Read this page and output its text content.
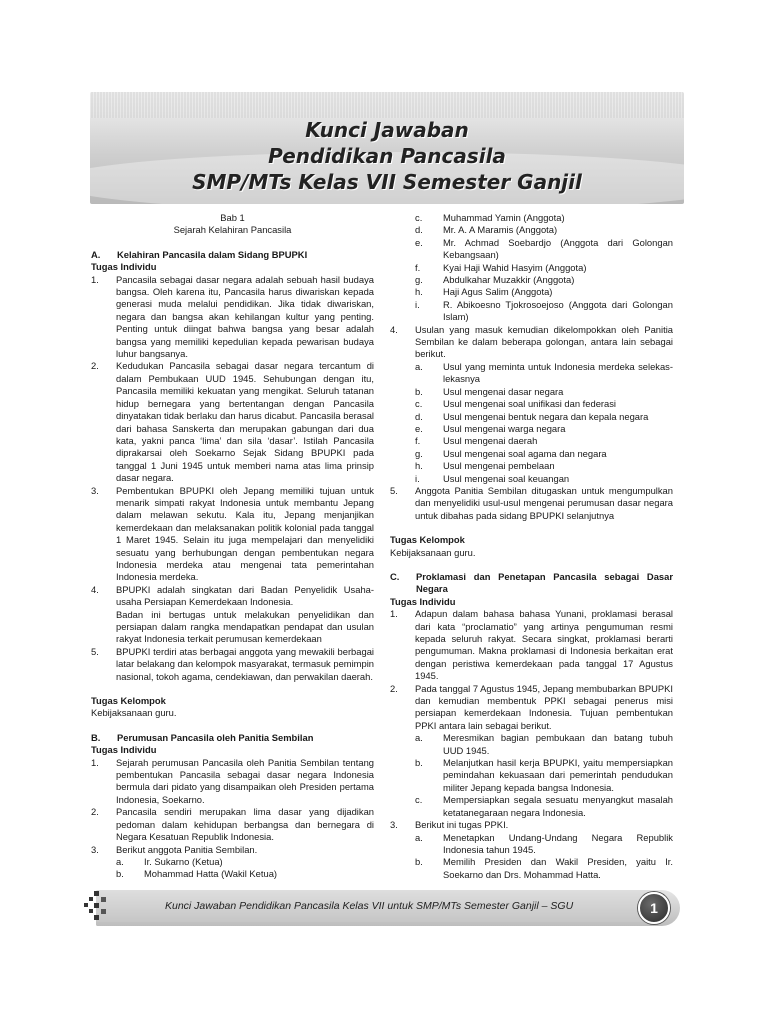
Kunci Jawaban
Pendidikan Pancasila
SMP/MTs Kelas VII Semester Ganjil
Bab 1
Sejarah Kelahiran Pancasila
A.	Kelahiran Pancasila dalam Sidang BPUPKI
Tugas Individu
1.	Pancasila sebagai dasar negara adalah sebuah hasil budaya bangsa. Oleh karena itu, Pancasila harus diwariskan kepada generasi muda melalui pendidikan. Jika tidak diwariskan, negara dan bangsa akan kehilangan kultur yang penting. Penting untuk diingat bahwa bangsa yang besar adalah bangsa yang memiliki kepedulian kepada pewarisan budaya luhur bangsanya.
2.	Kedudukan Pancasila sebagai dasar negara tercantum di dalam Pembukaan UUD 1945. Sehubungan dengan itu, Pancasila memiliki kekuatan yang mengikat. Seluruh tatanan hidup bernegara yang bertentangan dengan Pancasila dinyatakan tidak berlaku dan harus dicabut. Pancasila berasal dari bahasa Sanskerta dan merupakan gabungan dari dua kata, yakni panca ‘lima’ dan sila ‘dasar’. Istilah Pancasila diprakarsai oleh Soekarno Sejak Sidang BPUPKI pada tanggal 1 Juni 1945 untuk memberi nama atas lima prinsip dasar negara.
3.	Pembentukan BPUPKI oleh Jepang memiliki tujuan untuk menarik simpati rakyat Indonesia untuk membantu Jepang dalam melawan sekutu. Kala itu, Jepang menjanjikan kemerdekaan dan melaksanakan politik kolonial pada tanggal 1 Maret 1945. Selain itu juga mempelajari dan menyelidiki sesuatu yang berhubungan dengan pembentukan negara Indonesia merdeka atau mengenai tata pemerintahan Indonesia merdeka.
4.	BPUPKI adalah singkatan dari Badan Penyelidik Usaha-usaha Persiapan Kemerdekaan Indonesia.
Badan ini bertugas untuk melakukan penyelidikan dan persiapan dalam rangka mendapatkan pendapat dan usulan rakyat Indonesia terkait perumusan kemerdekaan
5.	BPUPKI terdiri atas berbagai anggota yang mewakili berbagai latar belakang dan kelompok masyarakat, termasuk pemimpin nasional, tokoh agama, cendekiawan, dan perwakilan daerah.
Tugas Kelompok
Kebijaksanaan guru.
B.	Perumusan Pancasila oleh Panitia Sembilan
Tugas Individu
1.	Sejarah perumusan Pancasila oleh Panitia Sembilan tentang pembentukan Pancasila sebagai dasar negara Indonesia bermula dari pidato yang disampaikan oleh Presiden pertama Indonesia, Soekarno.
2.	Pancasila sendiri merupakan lima dasar yang dijadikan pedoman dalam kehidupan berbangsa dan bernegara di Negara Kesatuan Republik Indonesia.
3.	Berikut anggota Panitia Sembilan.
a.	Ir. Sukarno (Ketua)
b.	Mohammad Hatta (Wakil Ketua)
c.	Muhammad Yamin (Anggota)
d.	Mr. A. A Maramis (Anggota)
e.	Mr. Achmad Soebardjo (Anggota dari Golongan Kebangsaan)
f.	Kyai Haji Wahid Hasyim (Anggota)
g.	Abdulkahar Muzakkir (Anggota)
h.	Haji Agus Salim (Anggota)
i.	R. Abikoesno Tjokrosoejoso (Anggota dari Golongan Islam)
4.	Usulan yang masuk kemudian dikelompokkan oleh Panitia Sembilan ke dalam beberapa golongan, antara lain sebagai berikut.
a.	Usul yang meminta untuk Indonesia merdeka selekas-lekasnya
b.	Usul mengenai dasar negara
c.	Usul mengenai soal unifikasi dan federasi
d.	Usul mengenai bentuk negara dan kepala negara
e.	Usul mengenai warga negara
f.	Usul mengenai daerah
g.	Usul mengenai soal agama dan negara
h.	Usul mengenai pembelaan
i.	Usul mengenai soal keuangan
5.	Anggota Panitia Sembilan ditugaskan untuk mengumpulkan dan menyelidiki usul-usul mengenai perumusan dasar negara untuk dibahas pada sidang BPUPKI selanjutnya
Tugas Kelompok
Kebijaksanaan guru.
C.	Proklamasi dan Penetapan Pancasila sebagai Dasar Negara
Tugas Individu
1.	Adapun dalam bahasa bahasa Yunani, proklamasi berasal dari kata “proclamatio” yang artinya pengumuman resmi kepada seluruh rakyat. Secara singkat, proklamasi berarti pengumuman. Makna proklamasi di Indonesia berkaitan erat dengan peristiwa kemerdekaan pada tanggal 17 Agustus 1945.
2.	Pada tanggal 7 Agustus 1945, Jepang membubarkan BPUPKI dan kemudian membentuk PPKI sebagai penerus misi persiapan kemerdekaan Indonesia. Tujuan pembentukan PPKI antara lain sebagai berikut.
a.	Meresmikan bagian pembukaan dan batang tubuh UUD 1945.
b.	Melanjutkan hasil kerja BPUPKI, yaitu mempersiapkan pemindahan kekuasaan dari pemerintah pendudukan militer Jepang kepada bangsa Indonesia.
c.	Mempersiapkan segala sesuatu menyangkut masalah ketatanegaraan negara Indonesia.
3.	Berikut ini tugas PPKI.
a.	Menetapkan Undang-Undang Negara Republik Indonesia tahun 1945.
b.	Memilih Presiden dan Wakil Presiden, yaitu Ir. Soekarno dan Drs. Mohammad Hatta.
Kunci Jawaban Pendidikan Pancasila Kelas VII untuk SMP/MTs Semester Ganjil – SGU	1
